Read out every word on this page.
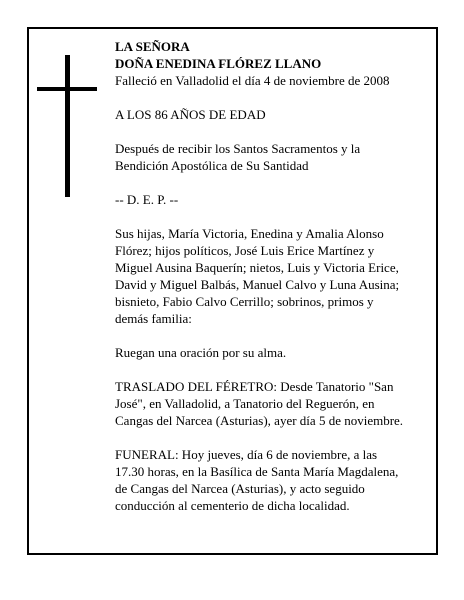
LA SEÑORA

DOÑA ENEDINA FLÓREZ LLANO

Falleció en Valladolid el día 4 de noviembre de 2008

A LOS 86 AÑOS DE EDAD

Después de recibir los Santos Sacramentos y la
Bendición Apostólica de Su Santidad

-- D. E. P. --

Sus hijas, María Victoria, Enedina y Amalia Alonso
Flórez; hijos políticos, José Luis Erice Martínez y
Miguel Ausina Baquerín; nietos, Luis y Victoria Erice,
David y Miguel Balbás, Manuel Calvo y Luna Ausina;
bisnieto, Fabio Calvo Cerrillo; sobrinos, primos y
demás familia:

Ruegan una oración por su alma.

TRASLADO DEL FÉRETRO: Desde Tanatorio "San
José", en Valladolid, a Tanatorio del Reguerón, en
Cangas del Narcea (Asturias), ayer día 5 de noviembre.

FUNERAL: Hoy jueves, día 6 de noviembre, a las
17.30 horas, en la Basílica de Santa María Magdalena,
de Cangas del Narcea (Asturias), y acto seguido
conducción al cementerio de dicha localidad.
